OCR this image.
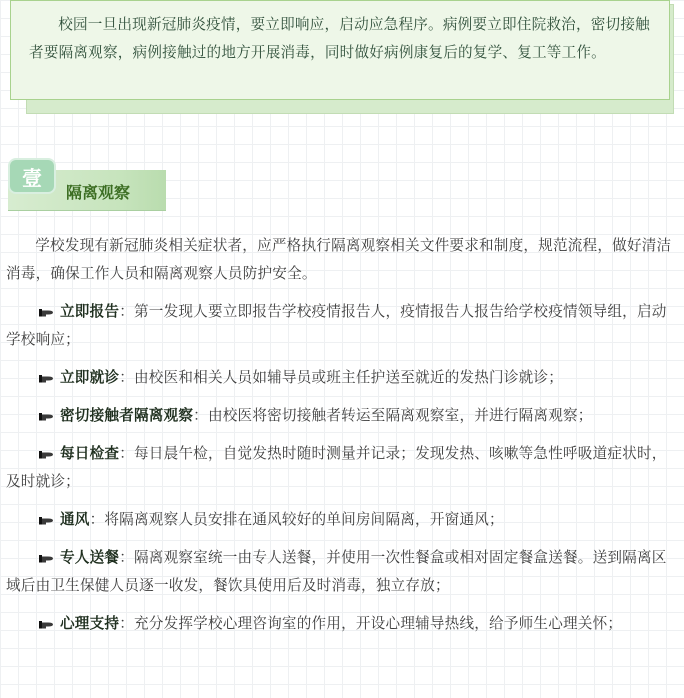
校园一旦出现新冠肺炎疫情，要立即响应，启动应急程序。病例要立即住院救治，密切接触者要隔离观察，病例接触过的地方开展消毒，同时做好病例康复后的复学、复工等工作。
壹
隔离观察

学校发现有新冠肺炎相关症状者，应严格执行隔离观察相关文件要求和制度，规范流程，做好清洁消毒，确保工作人员和隔离观察人员防护安全。

立即报告：第一发现人要立即报告学校疫情报告人，疫情报告人报告给学校疫情领导组，启动学校响应；

立即就诊：由校医和相关人员如辅导员或班主任护送至就近的发热门诊就诊；

密切接触者隔离观察：由校医将密切接触者转运至隔离观察室，并进行隔离观察；

每日检查：每日晨午检，自觉发热时随时测量并记录；发现发热、咳嗽等急性呼吸道症状时，及时就诊；

通风：将隔离观察人员安排在通风较好的单间房间隔离，开窗通风；

专人送餐：隔离观察室统一由专人送餐，并使用一次性餐盒或相对固定餐盒送餐。送到隔离区域后由卫生保健人员逐一收发，餐饮具使用后及时消毒，独立存放；

心理支持：充分发挥学校心理咨询室的作用，开设心理辅导热线，给予师生心理关怀；
